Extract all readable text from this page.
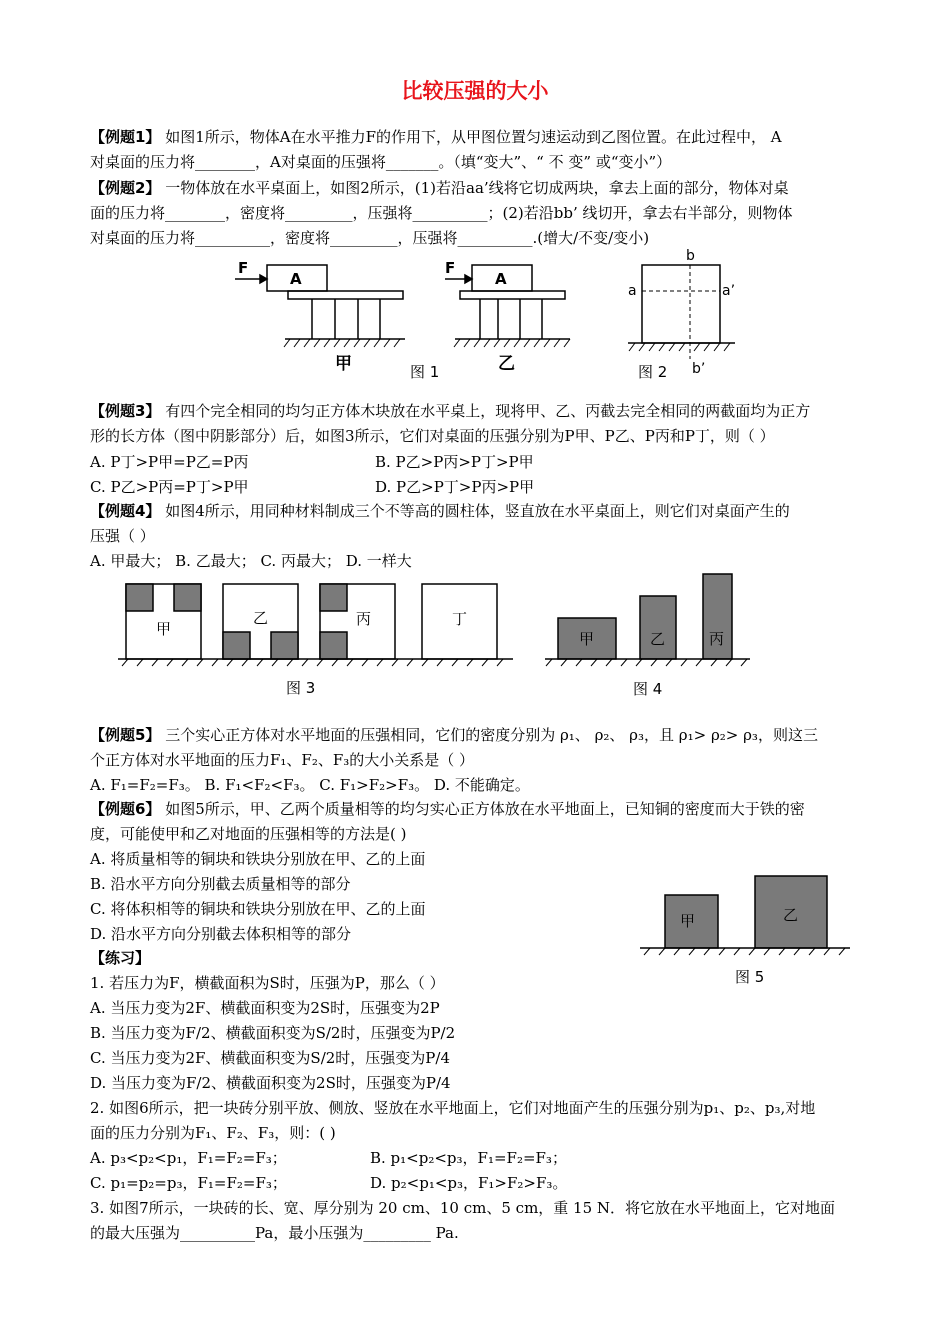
比较压强的大小
【例题1】 如图1所示，物体A在水平推力F的作用下，从甲图位置匀速运动到乙图位置。在此过程中， A
对桌面的压力将________，A对桌面的压强将_______。（填“变大”、“ 不 变” 或“变小”）
【例题2】 一物体放在水平桌面上，如图2所示，(1)若沿aa’线将它切成两块，拿去上面的部分，物体对桌
面的压力将________，密度将_________，压强将__________；(2)若沿bb’ 线切开，拿去右半部分，则物体
对桌面的压力将__________，密度将_________，压强将__________.(增大/不变/变小)
F
A
甲
F
A
乙
图 1
a	a’
b
b’
图 2
【例题3】 有四个完全相同的均匀正方体木块放在水平桌上，现将甲、乙、丙截去完全相同的两截面均为正方
形的长方体（图中阴影部分）后，如图3所示，它们对桌面的压强分别为P甲、P乙、P丙和P丁，则（ ）
A. P丁>P甲=P乙=P丙	B. P乙>P丙>P丁>P甲
C. P乙>P丙=P丁>P甲	D. P乙>P丁>P丙>P甲
【例题4】 如图4所示，用同种材料制成三个不等高的圆柱体，竖直放在水平桌面上，则它们对桌面产生的
压强（ ）
A. 甲最大； B. 乙最大； C. 丙最大； D. 一样大
甲
乙	丙	丁
图 3
甲	乙	丙
图 4
【例题5】 三个实心正方体对水平地面的压强相同，它们的密度分别为 ρ₁、 ρ₂、 ρ₃，且 ρ₁> ρ₂> ρ₃，则这三
个正方体对水平地面的压力F₁、F₂、F₃的大小关系是（ ）
A. F₁=F₂=F₃。 B. F₁<F₂<F₃。 C. F₁>F₂>F₃。 D. 不能确定。
【例题6】 如图5所示，甲、乙两个质量相等的均匀实心正方体放在水平地面上，已知铜的密度而大于铁的密
度，可能使甲和乙对地面的压强相等的方法是( )
A. 将质量相等的铜块和铁块分别放在甲、乙的上面
B. 沿水平方向分别截去质量相等的部分
C. 将体积相等的铜块和铁块分别放在甲、乙的上面
D. 沿水平方向分别截去体积相等的部分
甲	乙
图 5
【练习】
1. 若压力为F，横截面积为S时，压强为P，那么（ ）
A. 当压力变为2F、横截面积变为2S时，压强变为2P
B. 当压力变为F/2、横截面积变为S/2时，压强变为P/2
C. 当压力变为2F、横截面积变为S/2时，压强变为P/4
D. 当压力变为F/2、横截面积变为2S时，压强变为P/4
2. 如图6所示，把一块砖分别平放、侧放、竖放在水平地面上，它们对地面产生的压强分别为p₁、p₂、p₃,对地
面的压力分别为F₁、F₂、F₃，则：( )
A. p₃<p₂<p₁，F₁=F₂=F₃；	B. p₁<p₂<p₃，F₁=F₂=F₃；
C. p₁=p₂=p₃，F₁=F₂=F₃；	D. p₂<p₁<p₃，F₁>F₂>F₃。
3. 如图7所示，一块砖的长、宽、厚分别为 20 cm、10 cm、5 cm，重 15 N．将它放在水平地面上，它对地面
的最大压强为__________Pa，最小压强为_________ Pa.
